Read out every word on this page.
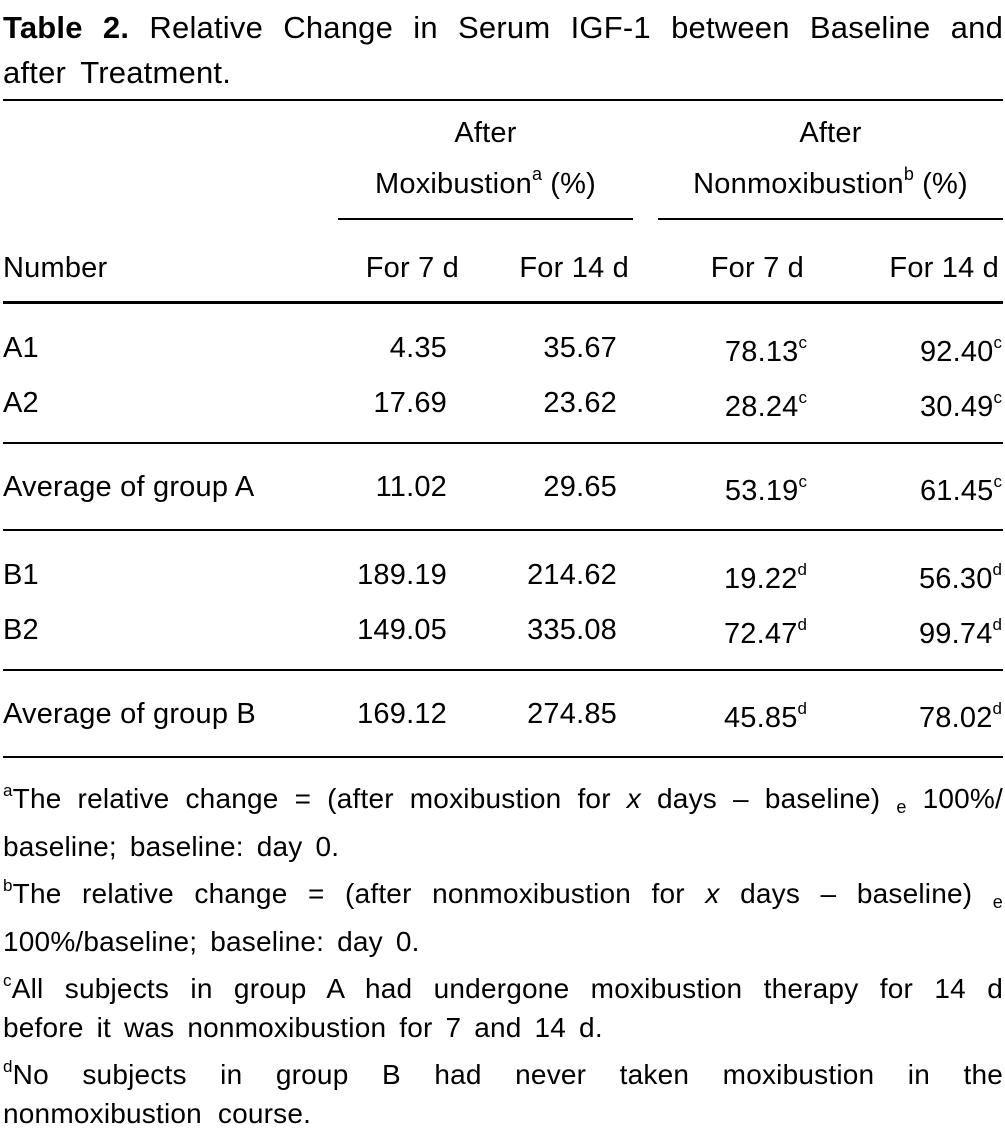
Table 2. Relative Change in Serum IGF-1 between Baseline and after Treatment.

	After
Moxibustion$^a$ (%)			After
Nonmoxibustion$^b$ (%)	
Number	For 7 d	For 14 d		For 7 d	For 14 d
A1	4.35	35.67		78.13$^c$	92.40$^c$
A2	17.69	23.62		28.24$^c$	30.49$^c$
Average of group A	11.02	29.65		53.19$^c$	61.45$^c$
B1	189.19	214.62		19.22$^d$	56.30$^d$
B2	149.05	335.08		72.47$^d$	99.74$^d$
Average of group B	169.12	274.85		45.85$^d$	78.02$^d$

$^a$The relative change = (after moxibustion for x days – baseline) $_e$ 100%/​baseline; baseline: day 0.

$^b$The relative change = (after nonmoxibustion for x days – baseline) $_e$ 100%/​baseline; baseline: day 0.

$^c$All subjects in group A had undergone moxibustion therapy for 14 d before it was nonmoxibustion for 7 and 14 d.

$^d$No subjects in group B had never taken moxibustion in the nonmoxibustion course.
